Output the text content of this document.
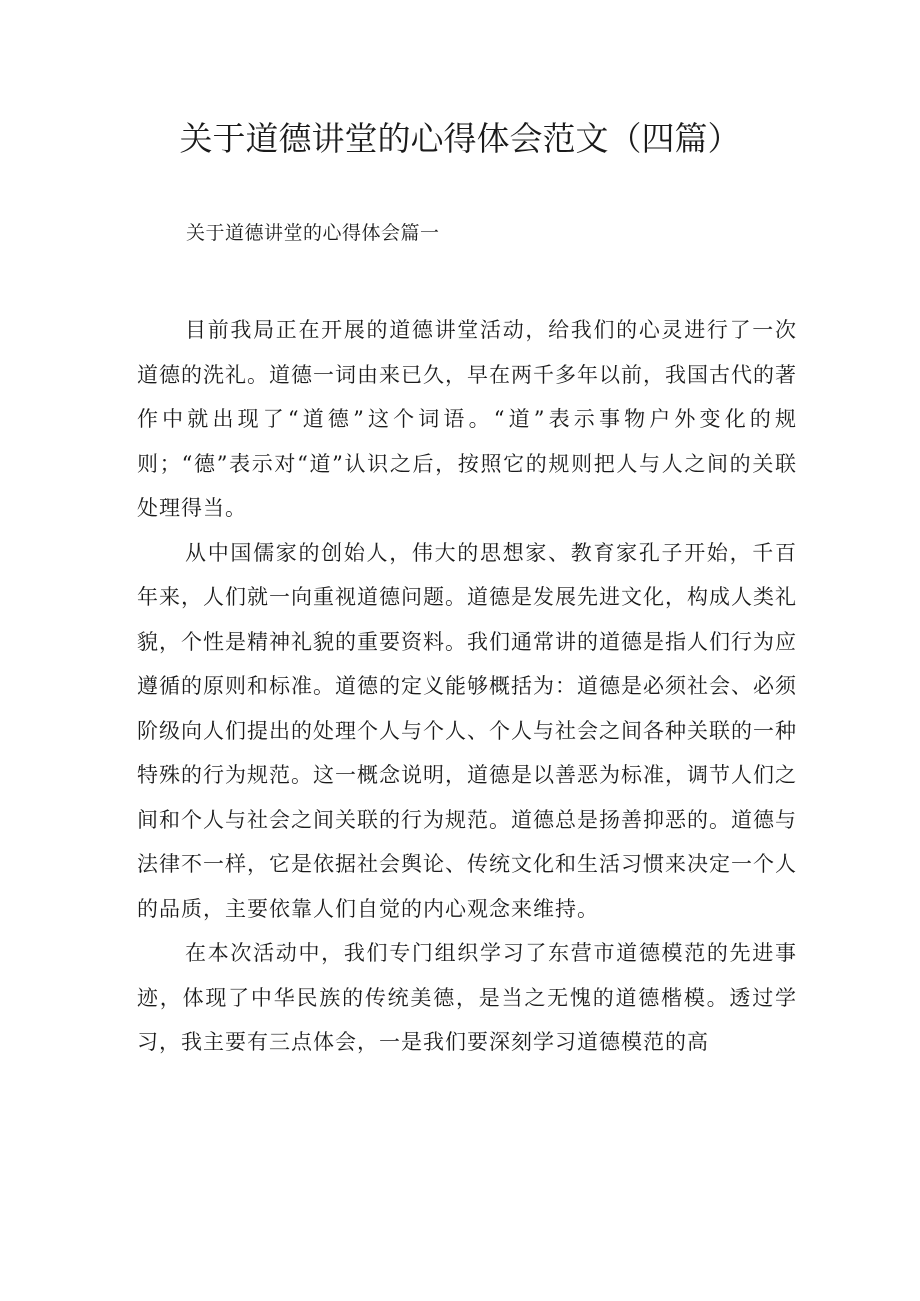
关于道德讲堂的心得体会范文（四篇）

关于道德讲堂的心得体会篇一

目前我局正在开展的道德讲堂活动，给我们的心灵进行了一次道德的洗礼。道德一词由来已久，早在两千多年以前，我国古代的著作中就出现了“道德”这个词语。“道”表示事物户外变化的规则；“德”表示对“道”认识之后，按照它的规则把人与人之间的关联处理得当。

从中国儒家的创始人，伟大的思想家、教育家孔子开始，千百年来，人们就一向重视道德问题。道德是发展先进文化，构成人类礼貌，个性是精神礼貌的重要资料。我们通常讲的道德是指人们行为应遵循的原则和标准。道德的定义能够概括为：道德是必须社会、必须阶级向人们提出的处理个人与个人、个人与社会之间各种关联的一种特殊的行为规范。这一概念说明，道德是以善恶为标准，调节人们之间和个人与社会之间关联的行为规范。道德总是扬善抑恶的。道德与法律不一样，它是依据社会舆论、传统文化和生活习惯来决定一个人的品质，主要依靠人们自觉的内心观念来维持。

在本次活动中，我们专门组织学习了东营市道德模范的先进事迹，体现了中华民族的传统美德，是当之无愧的道德楷模。透过学习，我主要有三点体会，一是我们要深刻学习道德模范的高
